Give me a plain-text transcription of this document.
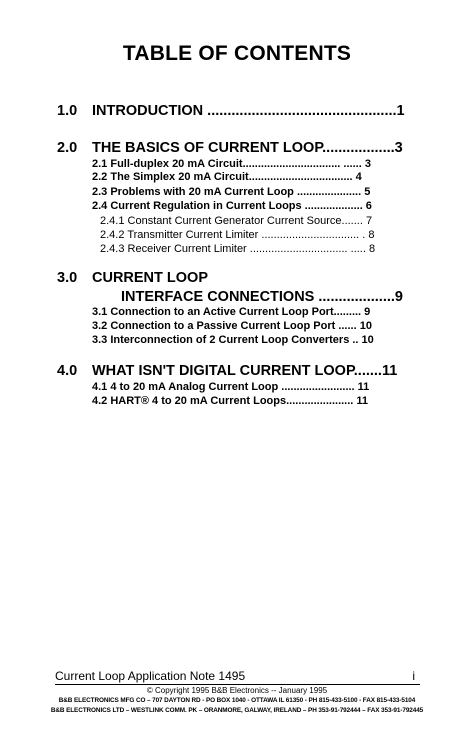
TABLE OF CONTENTS
1.0 INTRODUCTION ...............................................1
2.0 THE BASICS OF CURRENT LOOP..................3
2.1 Full-duplex 20 mA Circuit................................ ...... 3
2.2 The Simplex 20 mA Circuit.................................. 4
2.3 Problems with 20 mA Current Loop ..................... 5
2.4 Current Regulation in Current Loops ................... 6
2.4.1 Constant Current Generator Current Source....... 7
2.4.2 Transmitter Current Limiter ................................ . 8
2.4.3 Receiver Current Limiter ................................ ..... 8
3.0 CURRENT LOOP
INTERFACE CONNECTIONS ...................9
3.1 Connection to an Active Current Loop Port......... 9
3.2 Connection to a Passive Current Loop Port ...... 10
3.3 Interconnection of 2 Current Loop Converters .. 10
4.0 WHAT ISN'T DIGITAL CURRENT LOOP.......11
4.1 4 to 20 mA Analog Current Loop ........................ 11
4.2 HART® 4 to 20 mA Current Loops...................... 11
Current Loop Application Note 1495	i
© Copyright 1995 B&B Electronics -- January 1995
B&B ELECTRONICS MFG CO – 707 DAYTON RD - PO BOX 1040 - OTTAWA IL 61350 - PH 815-433-5100 - FAX 815-433-5104
B&B ELECTRONICS LTD – WESTLINK COMM. PK – ORANMORE, GALWAY, IRELAND – PH 353-91-792444 – FAX 353-91-792445
